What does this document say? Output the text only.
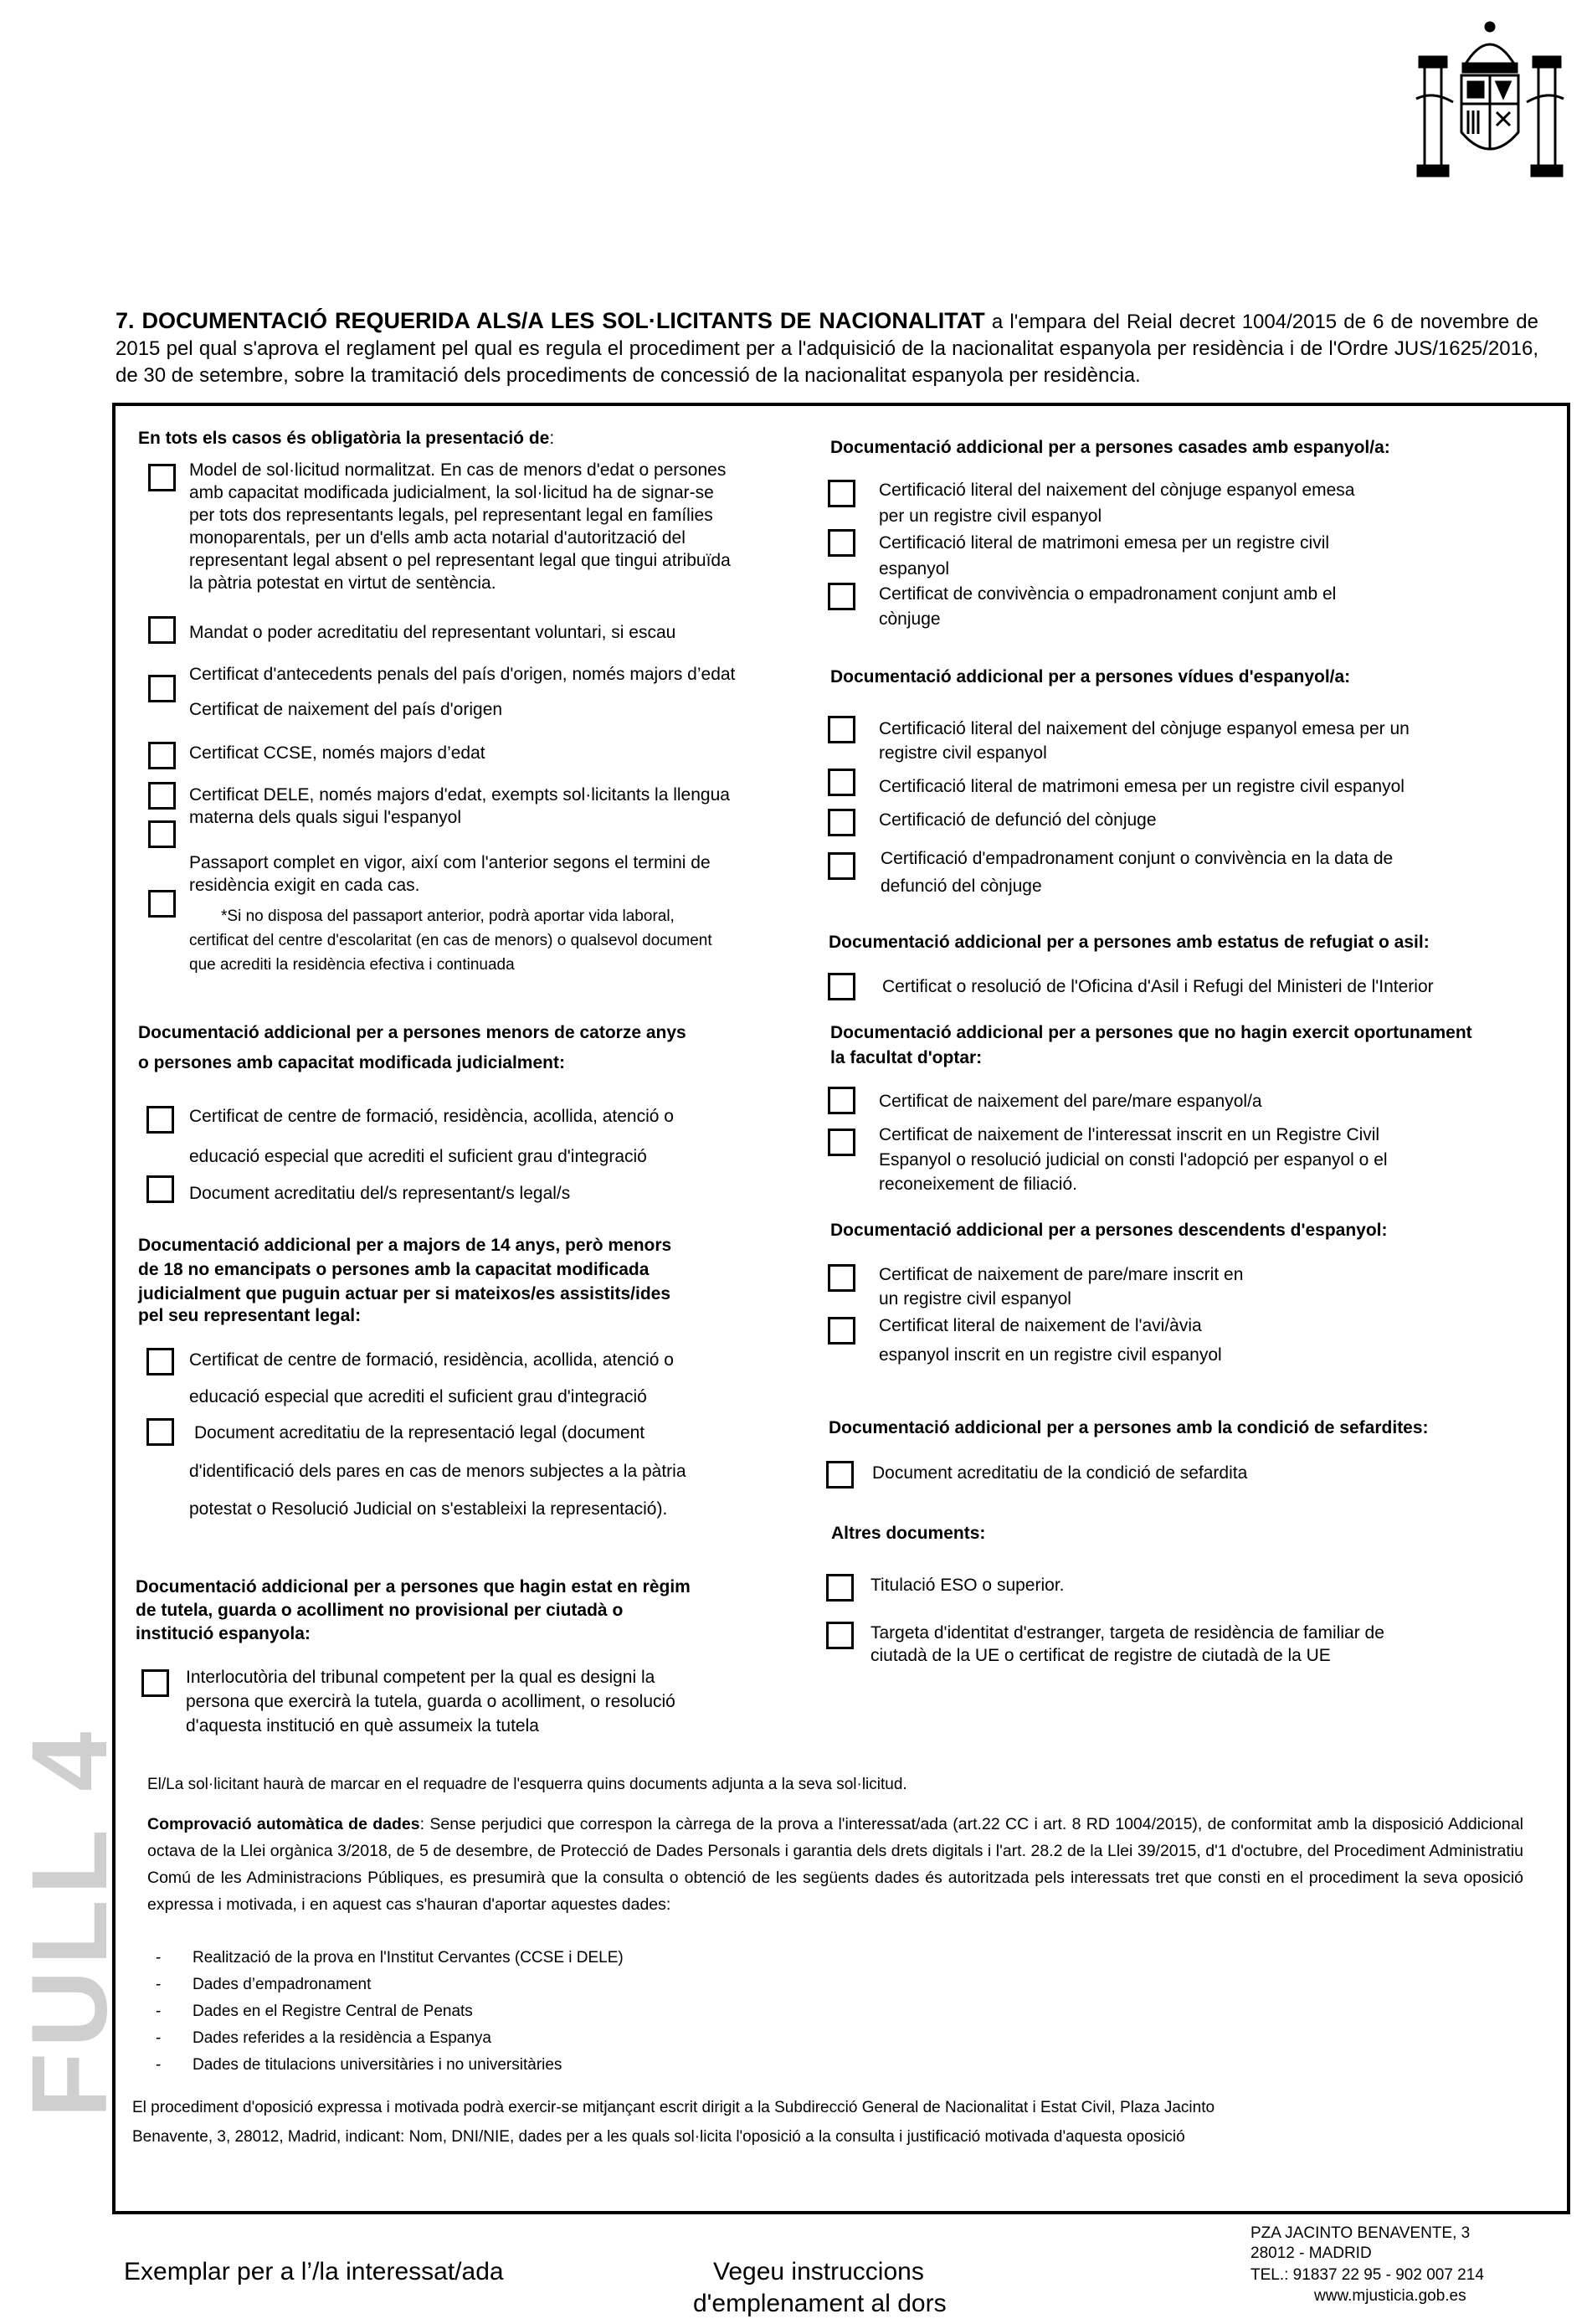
7. DOCUMENTACIÓ REQUERIDA ALS/A LES SOL·LICITANTS DE NACIONALITAT a l'empara del Reial decret 1004/2015 de 6 de novembre de 2015 pel qual s'aprova el reglament pel qual es regula el procediment per a l'adquisició de la nacionalitat espanyola per residència i de l'Ordre JUS/1625/2016, de 30 de setembre, sobre la tramitació dels procediments de concessió de la nacionalitat espanyola per residència.
En tots els casos és obligatòria la presentació de:
Model de sol·licitud normalitzat. En cas de menors d'edat o persones
amb capacitat modificada judicialment, la sol·licitud ha de signar-se
per tots dos representants legals, pel representant legal en famílies
monoparentals, per un d'ells amb acta notarial d'autorització del
representant legal absent o pel representant legal que tingui atribuïda
la pàtria potestat en virtut de sentència.
Mandat o poder acreditatiu del representant voluntari, si escau
Certificat d'antecedents penals del país d'origen, només majors d’edat
Certificat de naixement del país d'origen
Certificat CCSE, només majors d’edat
Certificat DELE, només majors d'edat, exempts sol·licitants la llengua
materna dels quals sigui l'espanyol
Passaport complet en vigor, així com l'anterior segons el termini de
residència exigit en cada cas.
*Si no disposa del passaport anterior, podrà aportar vida laboral,
certificat del centre d'escolaritat (en cas de menors) o qualsevol document
que acrediti la residència efectiva i continuada
Documentació addicional per a persones menors de catorze anys
o persones amb capacitat modificada judicialment:
Certificat de centre de formació, residència, acollida, atenció o
educació especial que acrediti el suficient grau d'integració
Document acreditatiu del/s representant/s legal/s
Documentació addicional per a majors de 14 anys, però menors
de 18 no emancipats o persones amb la capacitat modificada
judicialment que puguin actuar per si mateixos/es assistits/ides
pel seu representant legal:
Certificat de centre de formació, residència, acollida, atenció o
educació especial que acrediti el suficient grau d'integració
Document acreditatiu de la representació legal (document
d'identificació dels pares en cas de menors subjectes a la pàtria
potestat o Resolució Judicial on s'estableixi la representació).
Documentació addicional per a persones que hagin estat en règim
de tutela, guarda o acolliment no provisional per ciutadà o
institució espanyola:
Interlocutòria del tribunal competent per la qual es designi la
persona que exercirà la tutela, guarda o acolliment, o resolució
d'aquesta institució en què assumeix la tutela
Documentació addicional per a persones casades amb espanyol/a:
Certificació literal del naixement del cònjuge espanyol emesa
per un registre civil espanyol
Certificació literal de matrimoni emesa per un registre civil
espanyol
Certificat de convivència o empadronament conjunt amb el
cònjuge
Documentació addicional per a persones vídues d'espanyol/a:
Certificació literal del naixement del cònjuge espanyol emesa per un
registre civil espanyol
Certificació literal de matrimoni emesa per un registre civil espanyol
Certificació de defunció del cònjuge
Certificació d'empadronament conjunt o convivència en la data de
defunció del cònjuge
Documentació addicional per a persones amb estatus de refugiat o asil:
Certificat o resolució de l'Oficina d'Asil i Refugi del Ministeri de l'Interior
Documentació addicional per a persones que no hagin exercit oportunament
la facultat d'optar:
Certificat de naixement del pare/mare espanyol/a
Certificat de naixement de l'interessat inscrit en un Registre Civil
Espanyol o resolució judicial on consti l'adopció per espanyol o el
reconeixement de filiació.
Documentació addicional per a persones descendents d'espanyol:
Certificat de naixement de pare/mare inscrit en
un registre civil espanyol
Certificat literal de naixement de l'avi/àvia
espanyol inscrit en un registre civil espanyol
Documentació addicional per a persones amb la condició de sefardites:
Document acreditatiu de la condició de sefardita
Altres documents:
Titulació ESO o superior.
Targeta d'identitat d'estranger, targeta de residència de familiar de
ciutadà de la UE o certificat de registre de ciutadà de la UE
El/La sol·licitant haurà de marcar en el requadre de l'esquerra quins documents adjunta a la seva sol·licitud.
Comprovació automàtica de dades: Sense perjudici que correspon la càrrega de la prova a l'interessat/ada (art.22 CC i art. 8 RD 1004/2015), de conformitat amb la disposició Addicional octava de la Llei orgànica 3/2018, de 5 de desembre, de Protecció de Dades Personals i garantia dels drets digitals i l'art. 28.2 de la Llei 39/2015, d'1 d'octubre, del Procediment Administratiu Comú de les Administracions Públiques, es presumirà que la consulta o obtenció de les següents dades és autoritzada pels interessats tret que consti en el procediment la seva oposició expressa i motivada, i en aquest cas s'hauran d'aportar aquestes dades:
- Realització de la prova en l'Institut Cervantes (CCSE i DELE)
- Dades d’empadronament
- Dades en el Registre Central de Penats
- Dades referides a la residència a Espanya
- Dades de titulacions universitàries i no universitàries
El procediment d'oposició expressa i motivada podrà exercir-se mitjançant escrit dirigit a la Subdirecció General de Nacionalitat i Estat Civil, Plaza Jacinto
Benavente, 3, 28012, Madrid, indicant: Nom, DNI/NIE, dades per a les quals sol·licita l'oposició a la consulta i justificació motivada d'aquesta oposició
FULL 4
Exemplar per a l’/la interessat/ada	Vegeu instruccions
d'emplenament al dors
PZA JACINTO BENAVENTE, 3
28012 - MADRID
TEL.: 91837 22 95 - 902 007 214
www.mjusticia.gob.es
